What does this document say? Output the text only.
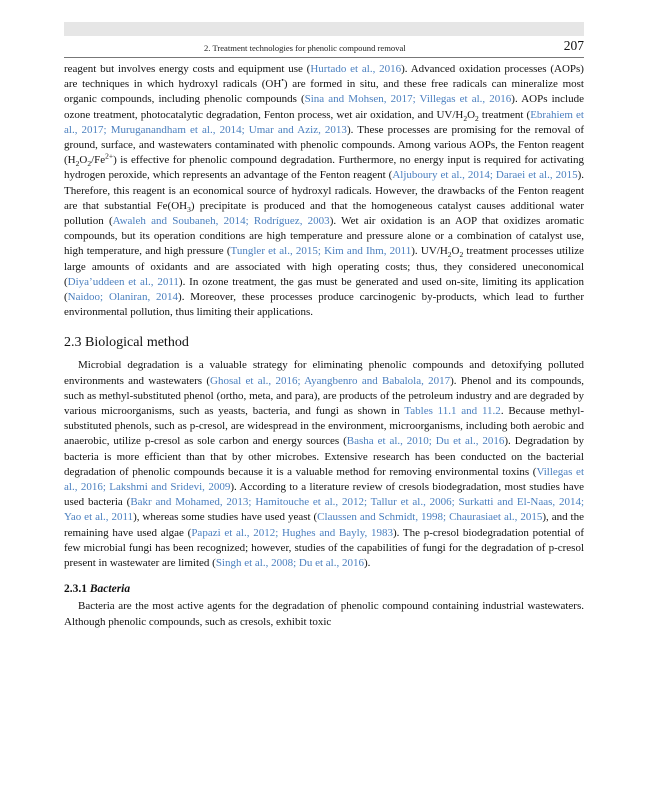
2. Treatment technologies for phenolic compound removal	207

reagent but involves energy costs and equipment use (Hurtado et al., 2016). Advanced oxidation processes (AOPs) are techniques in which hydroxyl radicals (OH•) are formed in situ, and these free radicals can mineralize most organic compounds, including phenolic compounds (Sina and Mohsen, 2017; Villegas et al., 2016). AOPs include ozone treatment, photocatalytic degradation, Fenton process, wet air oxidation, and $UV/H_2O_2$ treatment (Ebrahiem et al., 2017; Muruganandham et al., 2014; Umar and Aziz, 2013). These processes are promising for the removal of ground, surface, and wastewaters contaminated with phenolic compounds. Among various AOPs, the Fenton reagent $(H_2O_2/Fe^{2+})$ is effective for phenolic compound degradation. Furthermore, no energy input is required for activating hydrogen peroxide, which represents an advantage of the Fenton reagent (Aljuboury et al., 2014; Daraei et al., 2015). Therefore, this reagent is an economical source of hydroxyl radicals. However, the drawbacks of the Fenton reagent are that substantial $Fe(OH_3)$ precipitate is produced and that the homogeneous catalyst causes additional water pollution (Awaleh and Soubaneh, 2014; Rodríguez, 2003). Wet air oxidation is an AOP that oxidizes aromatic compounds, but its operation conditions are high temperature and pressure alone or a combination of catalyst use, high temperature, and high pressure (Tungler et al., 2015; Kim and Ihm, 2011). $UV/H_2O_2$ treatment processes utilize large amounts of oxidants and are associated with high operating costs; thus, they considered uneconomical (Diya’uddeen et al., 2011). In ozone treatment, the gas must be generated and used on-site, limiting its application (Naidoo; Olaniran, 2014). Moreover, these processes produce carcinogenic by-products, which lead to further environmental pollution, thus limiting their applications.

2.3 Biological method

Microbial degradation is a valuable strategy for eliminating phenolic compounds and detoxifying polluted environments and wastewaters (Ghosal et al., 2016; Ayangbenro and Babalola, 2017). Phenol and its compounds, such as methyl-substituted phenol (ortho, meta, and para), are products of the petroleum industry and are degraded by various microorganisms, such as yeasts, bacteria, and fungi as shown in Tables 11.1 and 11.2. Because methyl-substituted phenols, such as p-cresol, are widespread in the environment, microorganisms, including both aerobic and anaerobic, utilize p-cresol as sole carbon and energy sources (Basha et al., 2010; Du et al., 2016). Degradation by bacteria is more efficient than that by other microbes. Extensive research has been conducted on the bacterial degradation of phenolic compounds because it is a valuable method for removing environmental toxins (Villegas et al., 2016; Lakshmi and Sridevi, 2009). According to a literature review of cresols biodegradation, most studies have used bacteria (Bakr and Mohamed, 2013; Hamitouche et al., 2012; Tallur et al., 2006; Surkatti and El-Naas, 2014; Yao et al., 2011), whereas some studies have used yeast (Claussen and Schmidt, 1998; Chaurasiaet al., 2015), and the remaining have used algae (Papazi et al., 2012; Hughes and Bayly, 1983). The p-cresol biodegradation potential of few microbial fungi has been recognized; however, studies of the capabilities of fungi for the degradation of p-cresol present in wastewater are limited (Singh et al., 2008; Du et al., 2016).

2.3.1 Bacteria

Bacteria are the most active agents for the degradation of phenolic compound containing industrial wastewaters. Although phenolic compounds, such as cresols, exhibit toxic
